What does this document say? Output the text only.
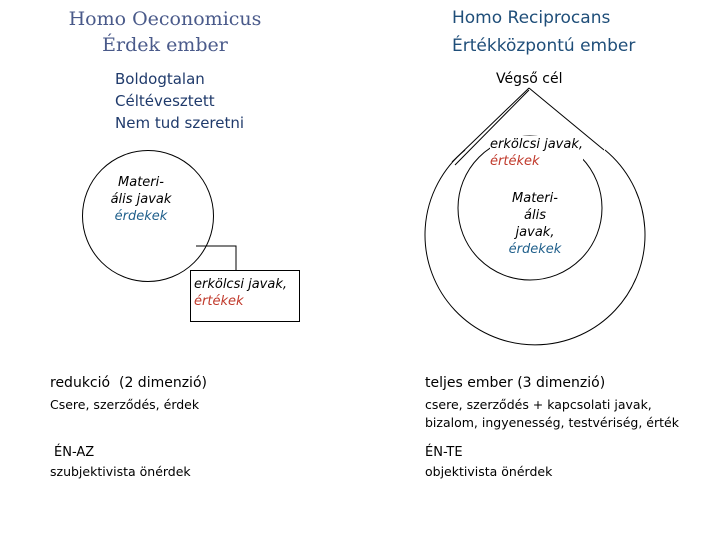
Homo Oeconomicus
Érdek ember
Homo Reciprocans
Értékközpontú ember
Boldogtalan
Céltévesztett
Nem tud szeretni
Materi-
ális javak
érdekek
erkölcsi javak,
értékek
Végső cél
erkölcsi javak,
értékek
Materi-
ális
javak,
érdekek
redukció  (2 dimenzió)
Csere, szerződés, érdek
ÉN-AZ
szubjektivista önérdek
teljes ember (3 dimenzió)
csere, szerződés + kapcsolati javak,
bizalom, ingyenesség, testvériség, érték
ÉN-TE
objektivista önérdek
